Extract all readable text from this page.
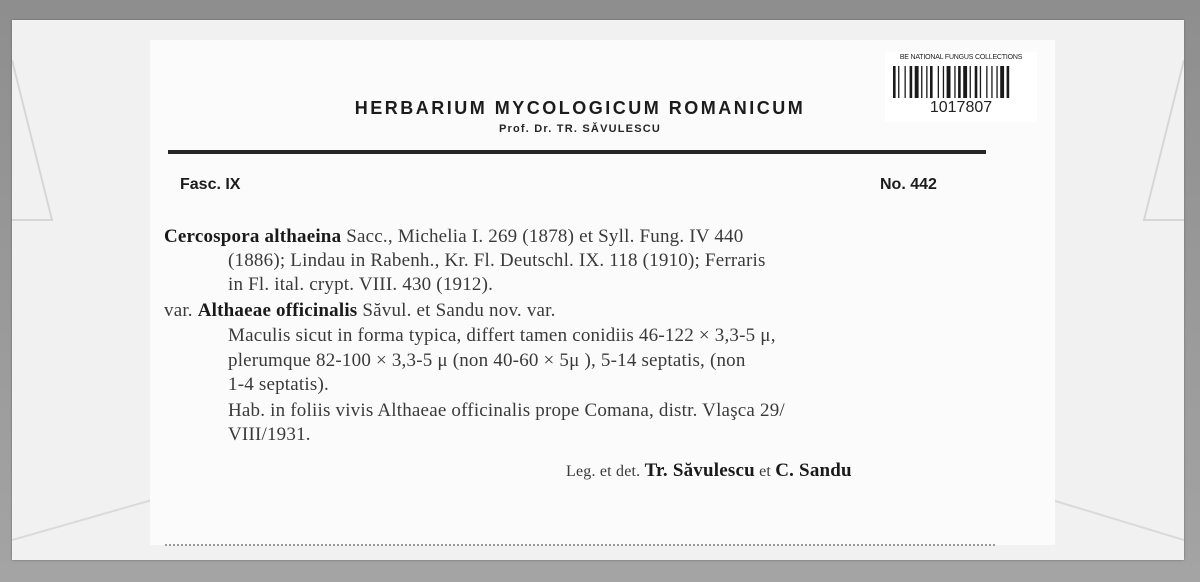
BE NATIONAL FUNGUS COLLECTIONS
1017807
HERBARIUM MYCOLOGICUM ROMANICUM
Prof. Dr. TR. SĂVULESCU
Fasc. IX	No. 442
Cercospora althaeina Sacc., Michelia I. 269 (1878) et Syll. Fung. IV 440
(1886); Lindau in Rabenh., Kr. Fl. Deutschl. IX. 118 (1910); Ferraris
in Fl. ital. crypt. VIII. 430 (1912).
var. Althaeae officinalis Săvul. et Sandu nov. var.
Maculis sicut in forma typica, differt tamen conidiis 46-122 × 3,3-5 μ,
plerumque 82-100 × 3,3-5 μ (non 40-60 × 5μ ), 5-14 septatis, (non
1-4 septatis).
Hab. in foliis vivis Althaeae officinalis prope Comana, distr. Vlaşca 29/
VIII/1931.
Leg. et det. Tr. Săvulescu et C. Sandu
